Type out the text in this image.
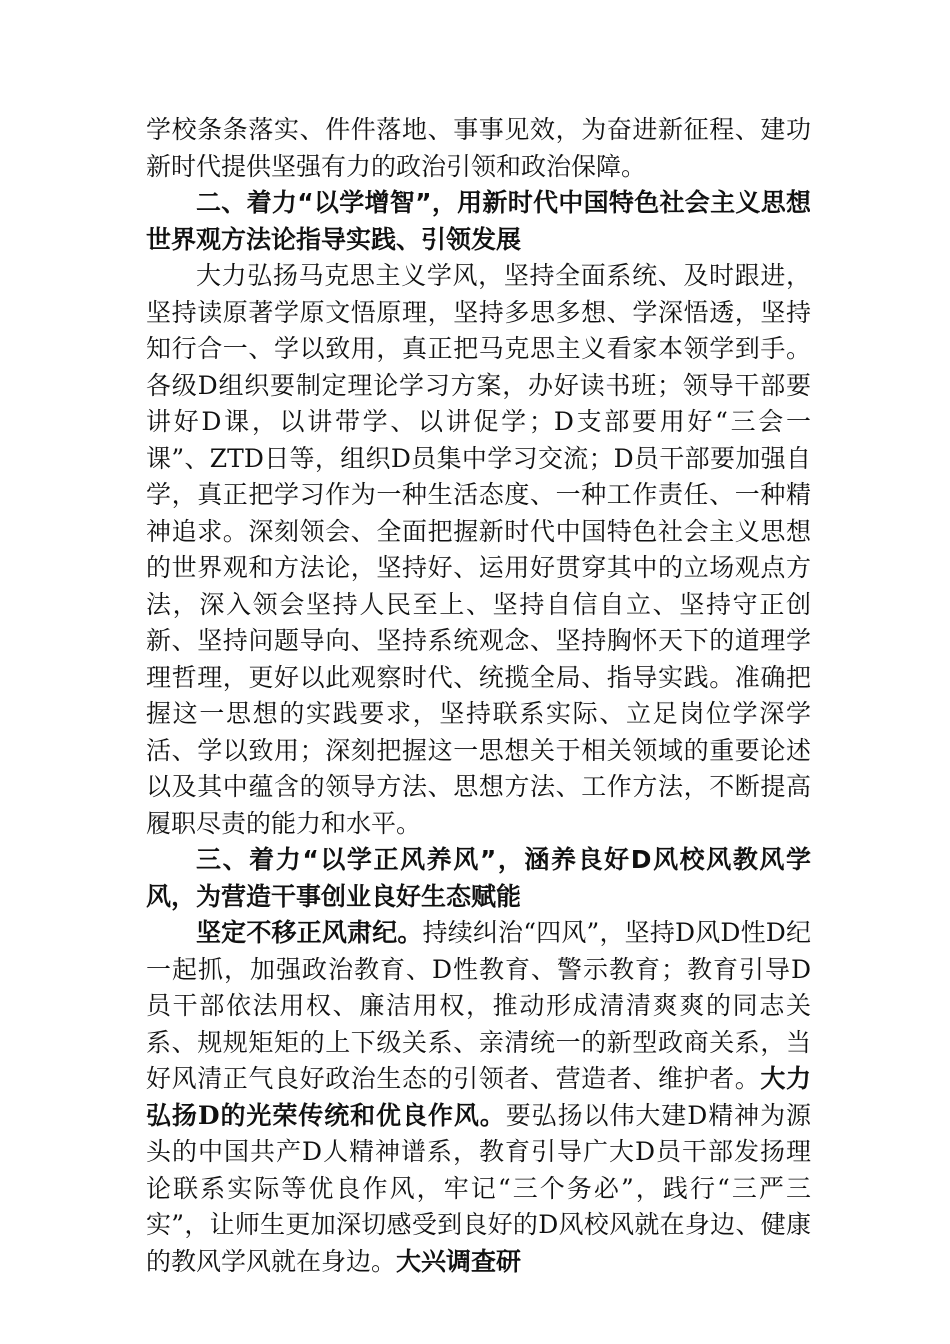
学校条条落实、件件落地、事事见效，为奋进新征程、建功新时代提供坚强有力的政治引领和政治保障。

二、着力“以学增智”，用新时代中国特色社会主义思想世界观方法论指导实践、引领发展

大力弘扬马克思主义学风，坚持全面系统、及时跟进，坚持读原著学原文悟原理，坚持多思多想、学深悟透，坚持知行合一、学以致用，真正把马克思主义看家本领学到手。各级D组织要制定理论学习方案，办好读书班；领导干部要讲好D课，以讲带学、以讲促学；D支部要用好“三会一课”、ZTD日等，组织D员集中学习交流；D员干部要加强自学，真正把学习作为一种生活态度、一种工作责任、一种精神追求。深刻领会、全面把握新时代中国特色社会主义思想的世界观和方法论，坚持好、运用好贯穿其中的立场观点方法，深入领会坚持人民至上、坚持自信自立、坚持守正创新、坚持问题导向、坚持系统观念、坚持胸怀天下的道理学理哲理，更好以此观察时代、统揽全局、指导实践。准确把握这一思想的实践要求，坚持联系实际、立足岗位学深学活、学以致用；深刻把握这一思想关于相关领域的重要论述以及其中蕴含的领导方法、思想方法、工作方法，不断提高履职尽责的能力和水平。

三、着力“以学正风养风”，涵养良好D风校风教风学风，为营造干事创业良好生态赋能

坚定不移正风肃纪。持续纠治“四风”，坚持D风D性D纪一起抓，加强政治教育、D性教育、警示教育；教育引导D员干部依法用权、廉洁用权，推动形成清清爽爽的同志关系、规规矩矩的上下级关系、亲清统一的新型政商关系，当好风清正气良好政治生态的引领者、营造者、维护者。大力弘扬D的光荣传统和优良作风。要弘扬以伟大建D精神为源头的中国共产D人精神谱系，教育引导广大D员干部发扬理论联系实际等优良作风，牢记“三个务必”，践行“三严三实”，让师生更加深切感受到良好的D风校风就在身边、健康的教风学风就在身边。大兴调查研
